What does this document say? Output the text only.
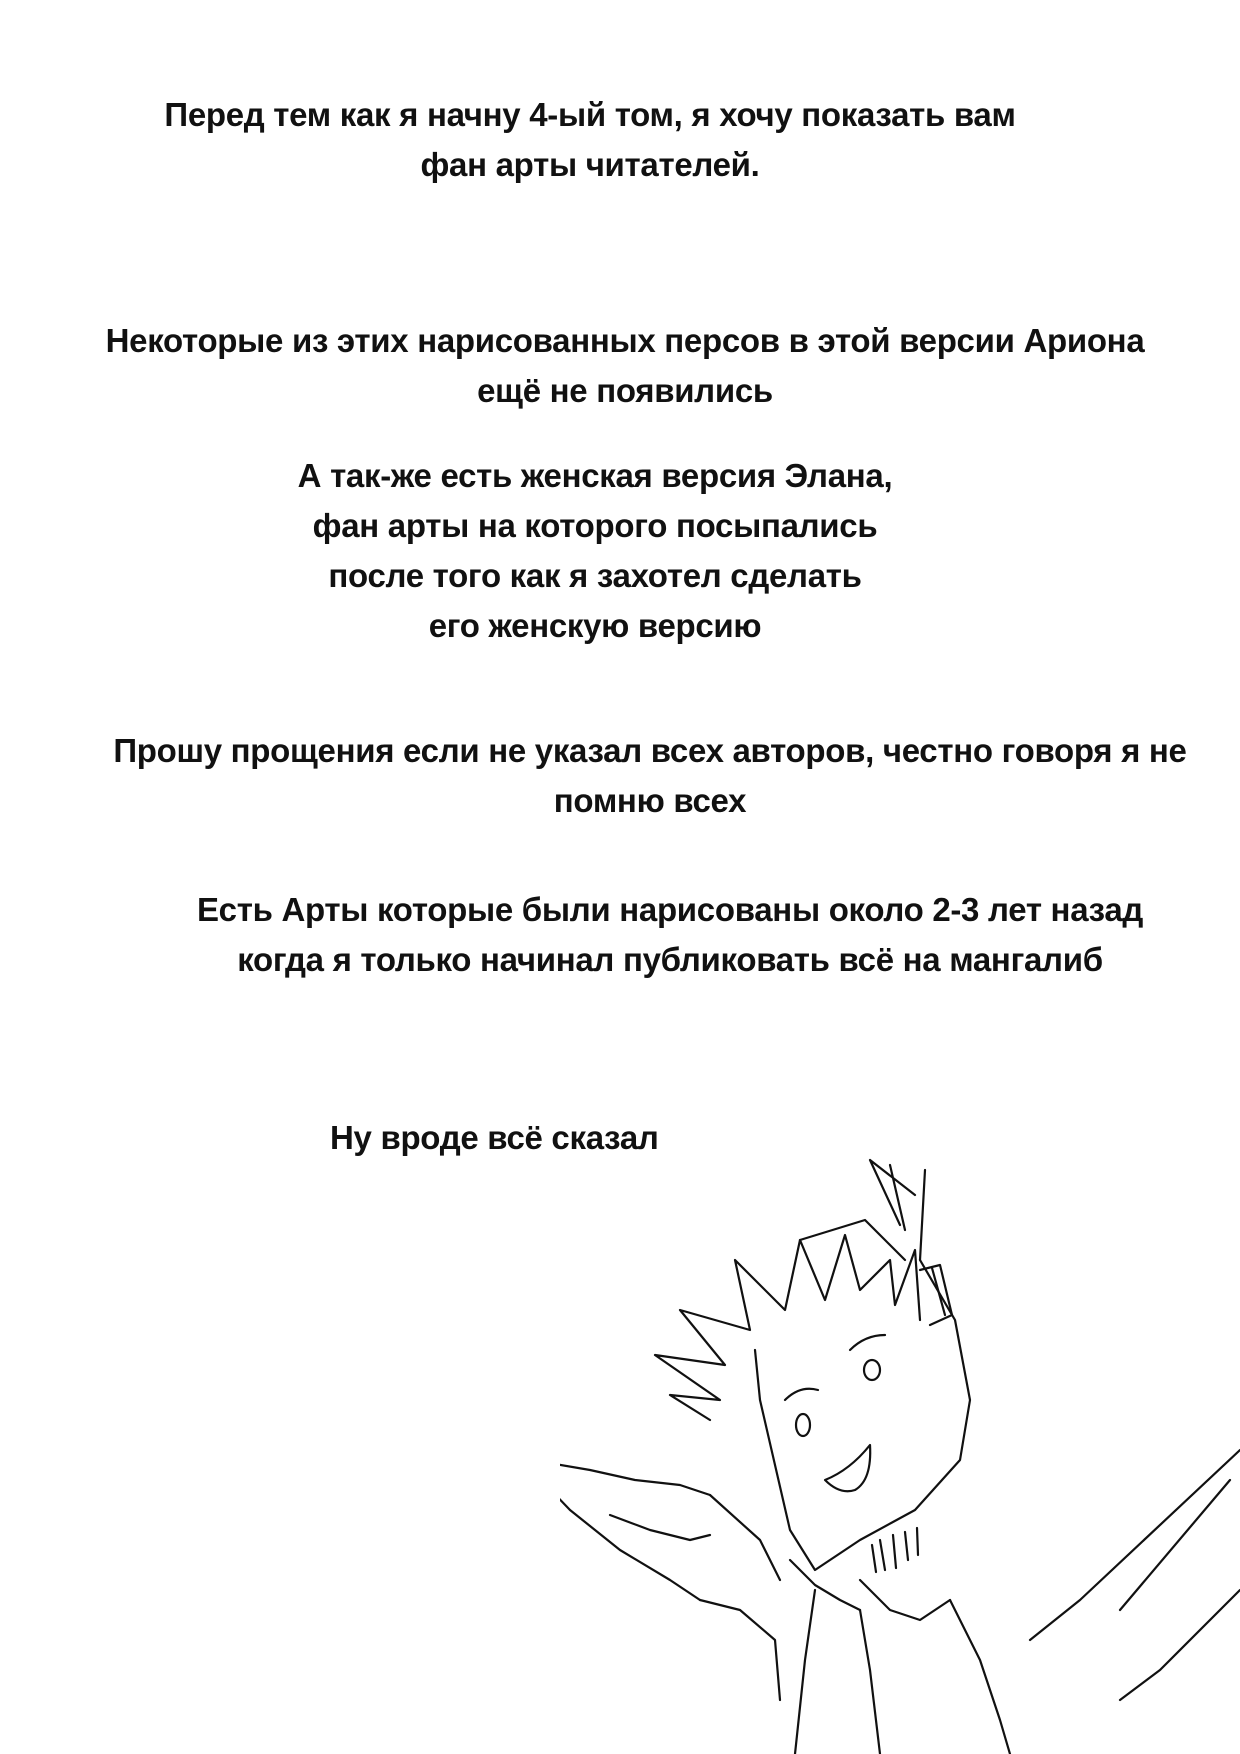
Перед тем как я начну 4-ый том, я хочу показать вам
фан арты читателей.
Некоторые из этих нарисованных персов в этой версии Ариона
ещё не появились
А так-же есть женская версия Элана,
фан арты на которого посыпались
после того как я захотел сделать
его женскую версию
Прошу прощения если не указал всех авторов, честно говоря я не
помню всех
Есть Арты которые были нарисованы около 2-3 лет назад
когда я только начинал публиковать всё на мангалиб
Ну вроде всё сказал
